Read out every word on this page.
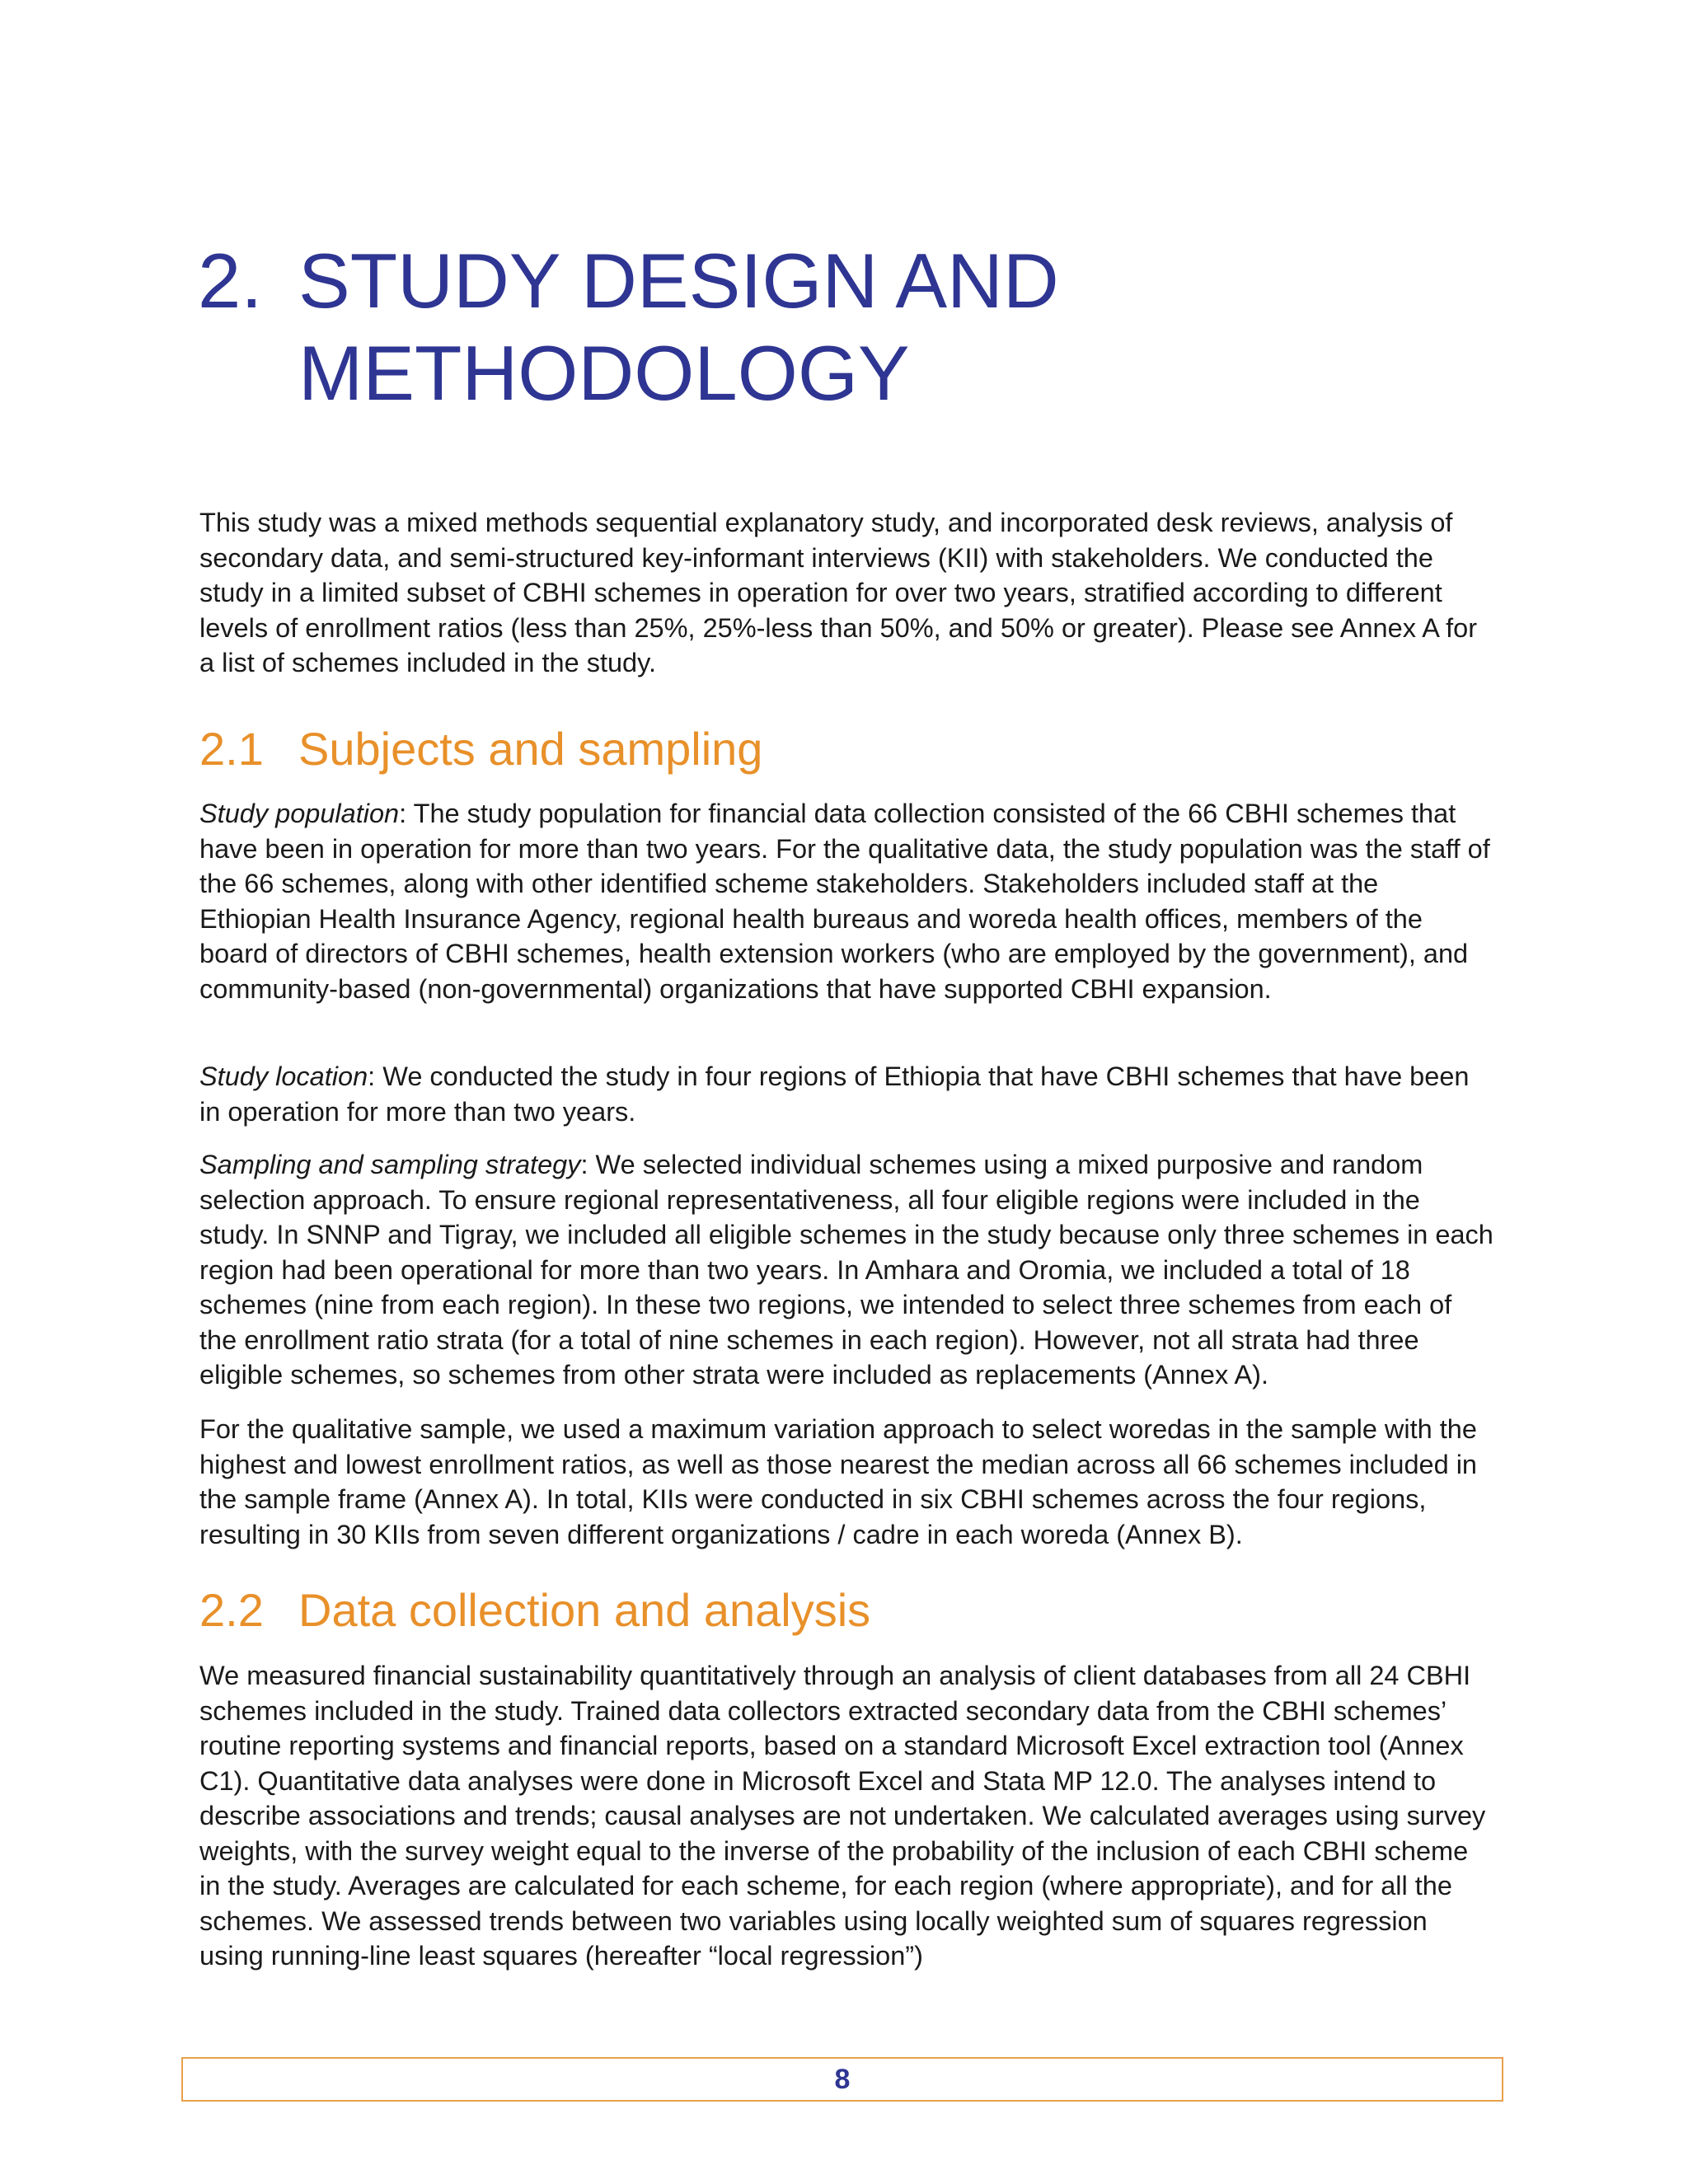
2. STUDY DESIGN AND
METHODOLOGY

This study was a mixed methods sequential explanatory study, and incorporated desk reviews, analysis of secondary data, and semi-structured key-informant interviews (KII) with stakeholders. We conducted the study in a limited subset of CBHI schemes in operation for over two years, stratified according to different levels of enrollment ratios (less than 25%, 25%-less than 50%, and 50% or greater). Please see Annex A for a list of schemes included in the study.

2.1 Subjects and sampling

Study population: The study population for financial data collection consisted of the 66 CBHI schemes that have been in operation for more than two years. For the qualitative data, the study population was the staff of the 66 schemes, along with other identified scheme stakeholders. Stakeholders included staff at the Ethiopian Health Insurance Agency, regional health bureaus and woreda health offices, members of the board of directors of CBHI schemes, health extension workers (who are employed by the government), and community-based (non-governmental) organizations that have supported CBHI expansion.

Study location: We conducted the study in four regions of Ethiopia that have CBHI schemes that have been in operation for more than two years.

Sampling and sampling strategy: We selected individual schemes using a mixed purposive and random selection approach. To ensure regional representativeness, all four eligible regions were included in the study. In SNNP and Tigray, we included all eligible schemes in the study because only three schemes in each region had been operational for more than two years. In Amhara and Oromia, we included a total of 18 schemes (nine from each region). In these two regions, we intended to select three schemes from each of the enrollment ratio strata (for a total of nine schemes in each region). However, not all strata had three eligible schemes, so schemes from other strata were included as replacements (Annex A).

For the qualitative sample, we used a maximum variation approach to select woredas in the sample with the highest and lowest enrollment ratios, as well as those nearest the median across all 66 schemes included in the sample frame (Annex A). In total, KIIs were conducted in six CBHI schemes across the four regions, resulting in 30 KIIs from seven different organizations / cadre in each woreda (Annex B).

2.2 Data collection and analysis

We measured financial sustainability quantitatively through an analysis of client databases from all 24 CBHI schemes included in the study. Trained data collectors extracted secondary data from the CBHI schemes’ routine reporting systems and financial reports, based on a standard Microsoft Excel extraction tool (Annex C1). Quantitative data analyses were done in Microsoft Excel and Stata MP 12.0. The analyses intend to describe associations and trends; causal analyses are not undertaken. We calculated averages using survey weights, with the survey weight equal to the inverse of the probability of the inclusion of each CBHI scheme in the study. Averages are calculated for each scheme, for each region (where appropriate), and for all the schemes. We assessed trends between two variables using locally weighted sum of squares regression using running-line least squares (hereafter “local regression”)

8
